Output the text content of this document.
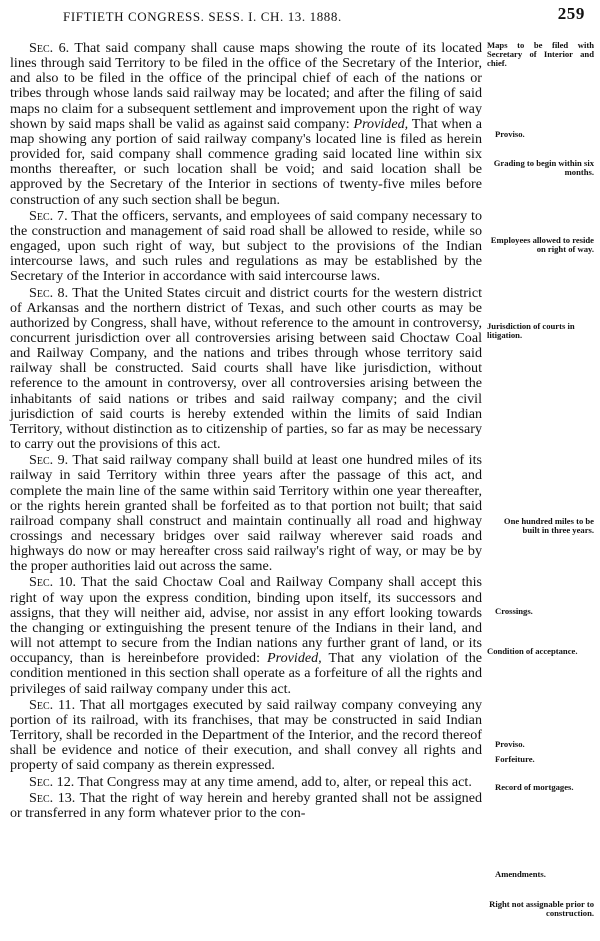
FIFTIETH CONGRESS. SESS. I. CH. 13. 1888.	259

Sec. 6. That said company shall cause maps showing the route of its located lines through said Territory to be filed in the office of the Secretary of the Interior, and also to be filed in the office of the principal chief of each of the nations or tribes through whose lands said railway may be located; and after the filing of said maps no claim for a subsequent settlement and improvement upon the right of way shown by said maps shall be valid as against said company: Provided, That when a map showing any portion of said railway company's located line is filed as herein provided for, said company shall commence grading said located line within six months thereafter, or such location shall be void; and said location shall be approved by the Secretary of the Interior in sections of twenty-five miles before construction of any such section shall be begun.

Sec. 7. That the officers, servants, and employees of said company necessary to the construction and management of said road shall be allowed to reside, while so engaged, upon such right of way, but subject to the provisions of the Indian intercourse laws, and such rules and regulations as may be established by the Secretary of the Interior in accordance with said intercourse laws.

Sec. 8. That the United States circuit and district courts for the western district of Arkansas and the northern district of Texas, and such other courts as may be authorized by Congress, shall have, without reference to the amount in controversy, concurrent jurisdiction over all controversies arising between said Choctaw Coal and Railway Company, and the nations and tribes through whose territory said railway shall be constructed. Said courts shall have like jurisdiction, without reference to the amount in controversy, over all controversies arising between the inhabitants of said nations or tribes and said railway company; and the civil jurisdiction of said courts is hereby extended within the limits of said Indian Territory, without distinction as to citizenship of parties, so far as may be necessary to carry out the provisions of this act.

Sec. 9. That said railway company shall build at least one hundred miles of its railway in said Territory within three years after the passage of this act, and complete the main line of the same within said Territory within one year thereafter, or the rights herein granted shall be forfeited as to that portion not built; that said railroad company shall construct and maintain continually all road and highway crossings and necessary bridges over said railway wherever said roads and highways do now or may hereafter cross said railway's right of way, or may be by the proper authorities laid out across the same.

Sec. 10. That the said Choctaw Coal and Railway Company shall accept this right of way upon the express condition, binding upon itself, its successors and assigns, that they will neither aid, advise, nor assist in any effort looking towards the changing or extinguishing the present tenure of the Indians in their land, and will not attempt to secure from the Indian nations any further grant of land, or its occupancy, than is hereinbefore provided: Provided, That any violation of the condition mentioned in this section shall operate as a forfeiture of all the rights and privileges of said railway company under this act.

Sec. 11. That all mortgages executed by said railway company conveying any portion of its railroad, with its franchises, that may be constructed in said Indian Territory, shall be recorded in the Department of the Interior, and the record thereof shall be evidence and notice of their execution, and shall convey all rights and property of said company as therein expressed.

Sec. 12. That Congress may at any time amend, add to, alter, or repeal this act.

Sec. 13. That the right of way herein and hereby granted shall not be assigned or transferred in any form whatever prior to the con-

Maps to be filed with Secretary of Interior and chief.
Proviso.
Grading to begin within six months.
Employees allowed to reside on right of way.
Jurisdiction of courts in litigation.
One hundred miles to be built in three years.
Crossings.
Condition of acceptance.
Proviso.
Forfeiture.
Record of mortgages.
Amendments.
Right not assignable prior to construction.
